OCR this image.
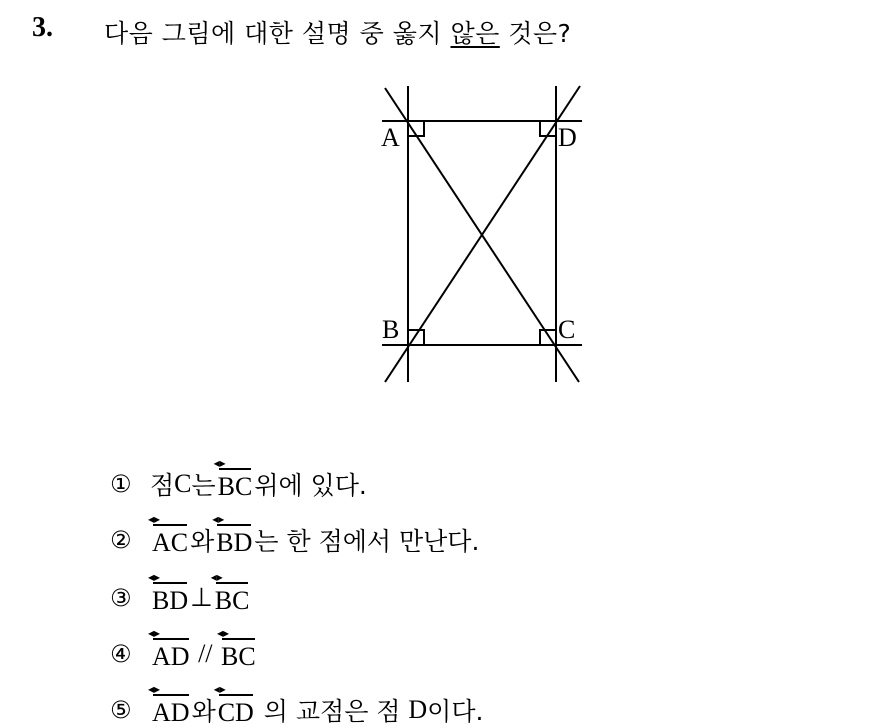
3. 다음 그림에 대한 설명 중 옳지 않은 것은?
A	D
B	C
① 점 C 는 BC ◂▸ 위에 있다.
② AC ◂▸ 와 BD ◂▸ 는 한 점에서 만난다.
③ BD ◂▸ ⊥ BC ◂▸
④ AD ◂▸ // BC ◂▸
⑤ AD ◂▸ 와 CD ◂▸ 의 교점은 점 D 이다.
